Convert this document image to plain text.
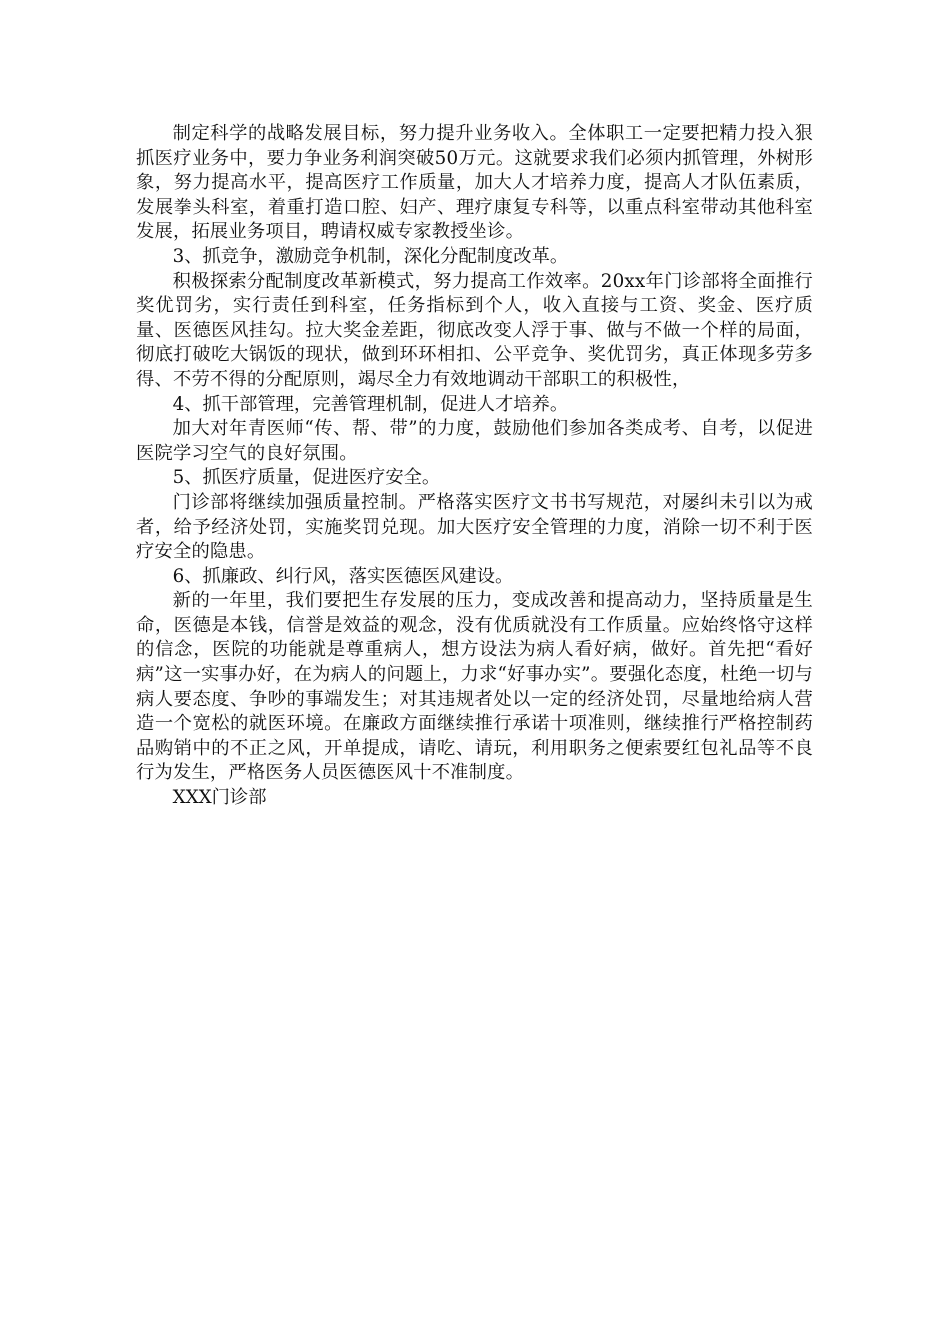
制定科学的战略发展目标，努力提升业务收入。全体职工一定要把精力投入狠抓医疗业务中，要力争业务利润突破50万元。这就要求我们必须内抓管理，外树形象，努力提高水平，提高医疗工作质量，加大人才培养力度，提高人才队伍素质，发展拳头科室，着重打造口腔、妇产、理疗康复专科等，以重点科室带动其他科室发展，拓展业务项目，聘请权威专家教授坐诊。

3、抓竞争，激励竞争机制，深化分配制度改革。

积极探索分配制度改革新模式，努力提高工作效率。20xx年门诊部将全面推行奖优罚劣，实行责任到科室，任务指标到个人，收入直接与工资、奖金、医疗质量、医德医风挂勾。拉大奖金差距，彻底改变人浮于事、做与不做一个样的局面，彻底打破吃大锅饭的现状，做到环环相扣、公平竞争、奖优罚劣，真正体现多劳多得、不劳不得的分配原则，竭尽全力有效地调动干部职工的积极性，

4、抓干部管理，完善管理机制，促进人才培养。

加大对年青医师“传、帮、带”的力度，鼓励他们参加各类成考、自考，以促进医院学习空气的良好氛围。

5、抓医疗质量，促进医疗安全。

门诊部将继续加强质量控制。严格落实医疗文书书写规范，对屡纠未引以为戒者，给予经济处罚，实施奖罚兑现。加大医疗安全管理的力度，消除一切不利于医疗安全的隐患。

6、抓廉政、纠行风，落实医德医风建设。

新的一年里，我们要把生存发展的压力，变成改善和提高动力，坚持质量是生命，医德是本钱，信誉是效益的观念，没有优质就没有工作质量。应始终恪守这样的信念，医院的功能就是尊重病人，想方设法为病人看好病，做好。首先把“看好病”这一实事办好，在为病人的问题上，力求“好事办实”。要强化态度，杜绝一切与病人要态度、争吵的事端发生；对其违规者处以一定的经济处罚，尽量地给病人营造一个宽松的就医环境。在廉政方面继续推行承诺十项准则，继续推行严格控制药品购销中的不正之风，开单提成，请吃、请玩，利用职务之便索要红包礼品等不良行为发生，严格医务人员医德医风十不准制度。

XXX门诊部
